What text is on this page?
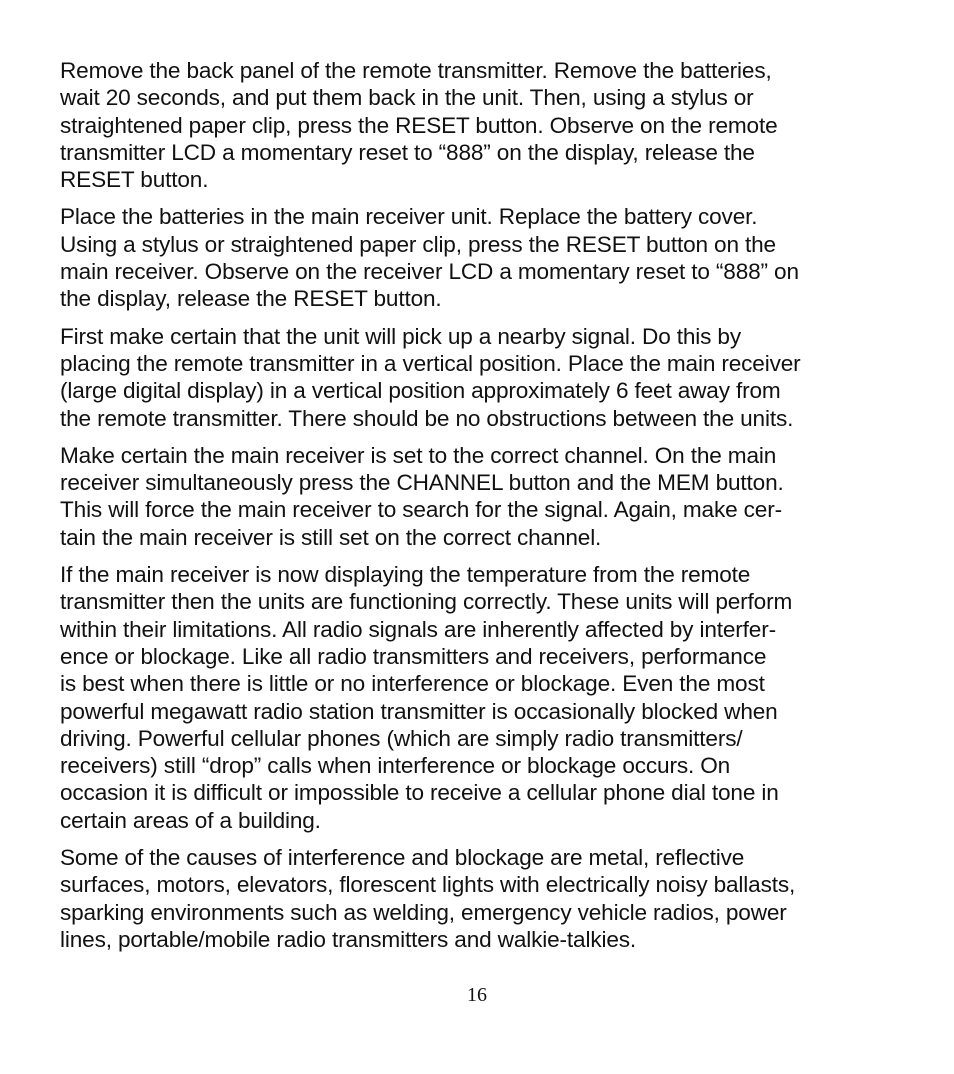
Remove the back panel of the remote transmitter. Remove the batteries,
wait 20 seconds, and put them back in the unit. Then, using a stylus or
straightened paper clip, press the RESET button. Observe on the remote
transmitter LCD a momentary reset to “888” on the display, release the
RESET button.

Place the batteries in the main receiver unit. Replace the battery cover.
Using a stylus or straightened paper clip, press the RESET button on the
main receiver. Observe on the receiver LCD a momentary reset to “888” on
the display, release the RESET button.

First make certain that the unit will pick up a nearby signal. Do this by
placing the remote transmitter in a vertical position. Place the main receiver
(large digital display) in a vertical position approximately 6 feet away from
the remote transmitter. There should be no obstructions between the units.

Make certain the main receiver is set to the correct channel. On the main
receiver simultaneously press the CHANNEL button and the MEM button.
This will force the main receiver to search for the signal. Again, make cer-
tain the main receiver is still set on the correct channel.

If the main receiver is now displaying the temperature from the remote
transmitter then the units are functioning correctly. These units will perform
within their limitations. All radio signals are inherently affected by interfer-
ence or blockage. Like all radio transmitters and receivers, performance
is best when there is little or no interference or blockage. Even the most
powerful megawatt radio station transmitter is occasionally blocked when
driving. Powerful cellular phones (which are simply radio transmitters/
receivers) still “drop” calls when interference or blockage occurs. On
occasion it is difficult or impossible to receive a cellular phone dial tone in
certain areas of a building.

Some of the causes of interference and blockage are metal, reflective
surfaces, motors, elevators, florescent lights with electrically noisy ballasts,
sparking environments such as welding, emergency vehicle radios, power
lines, portable/mobile radio transmitters and walkie-talkies.

16
